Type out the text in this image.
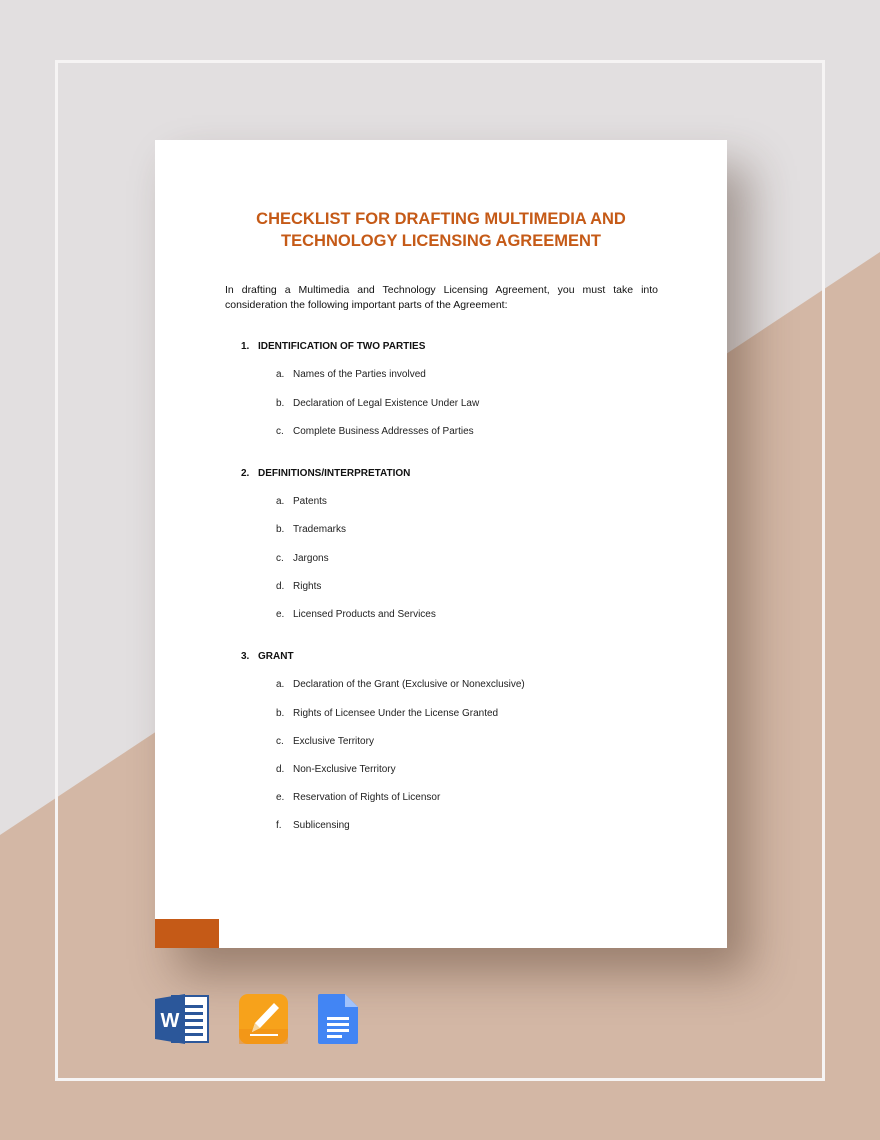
CHECKLIST FOR DRAFTING MULTIMEDIA AND
TECHNOLOGY LICENSING AGREEMENT

In drafting a Multimedia and Technology Licensing Agreement, you must take into consideration the following important parts of the Agreement:

1. IDENTIFICATION OF TWO PARTIES
a. Names of the Parties involved
b. Declaration of Legal Existence Under Law
c. Complete Business Addresses of Parties
2. DEFINITIONS/INTERPRETATION
a. Patents
b. Trademarks
c. Jargons
d. Rights
e. Licensed Products and Services
3. GRANT
a. Declaration of the Grant (Exclusive or Nonexclusive)
b. Rights of Licensee Under the License Granted
c. Exclusive Territory
d. Non-Exclusive Territory
e. Reservation of Rights of Licensor
f. Sublicensing
W
